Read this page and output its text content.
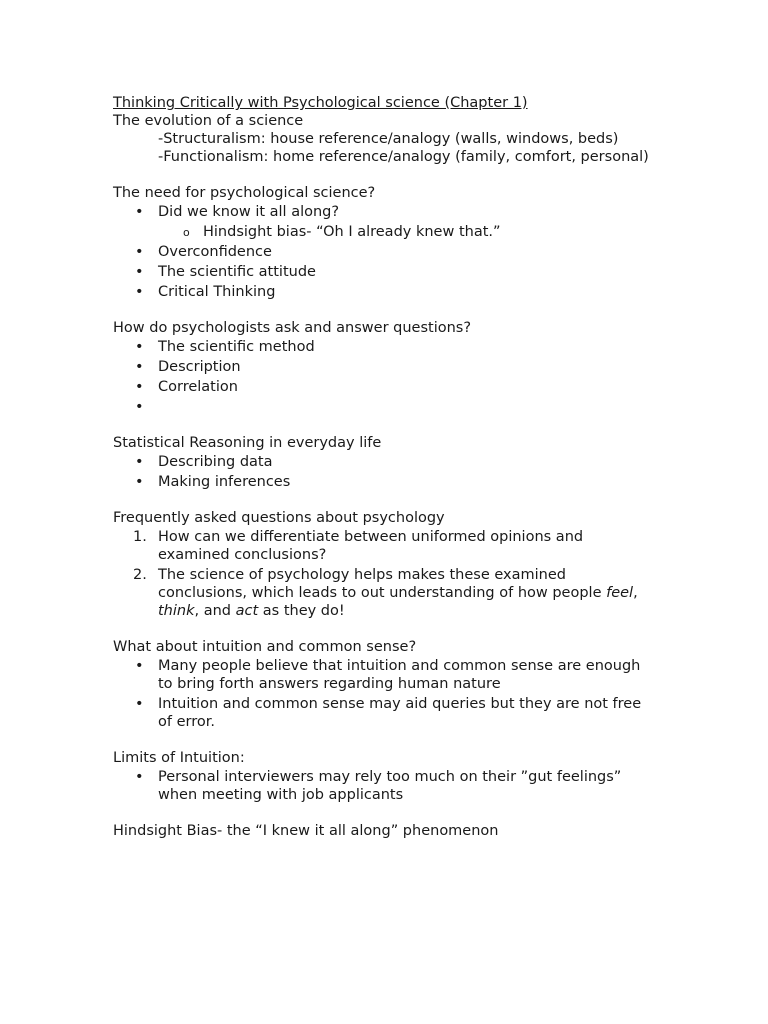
Thinking Critically with Psychological science (Chapter 1)

The evolution of a science

-Structuralism: house reference/analogy (walls, windows, beds)

-Functionalism: home reference/analogy (family, comfort, personal)

The need for psychological science?

• Did we know it all along?
o Hindsight bias- “Oh I already knew that.”
• Overconfidence
• The scientific attitude
• Critical Thinking

How do psychologists ask and answer questions?

• The scientific method
• Description
• Correlation
•

Statistical Reasoning in everyday life

• Describing data
• Making inferences

Frequently asked questions about psychology

1. How can we differentiate between uniformed opinions and examined conclusions?
2. The science of psychology helps makes these examined conclusions, which leads to out understanding of how people feel, think, and act as they do!

What about intuition and common sense?

• Many people believe that intuition and common sense are enough to bring forth answers regarding human nature
• Intuition and common sense may aid queries but they are not free of error.

Limits of Intuition:

• Personal interviewers may rely too much on their ”gut feelings” when meeting with job applicants

Hindsight Bias- the “I knew it all along” phenomenon
